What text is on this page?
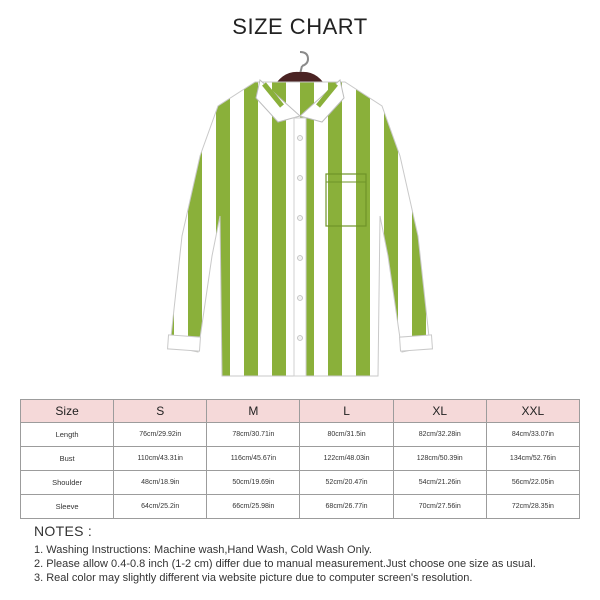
SIZE CHART
Size	S	M	L	XL	XXL
Length	76cm/29.92in	78cm/30.71in	80cm/31.5in	82cm/32.28in	84cm/33.07in
Bust	110cm/43.31in	116cm/45.67in	122cm/48.03in	128cm/50.39in	134cm/52.76in
Shoulder	48cm/18.9in	50cm/19.69in	52cm/20.47in	54cm/21.26in	56cm/22.05in
Sleeve	64cm/25.2in	66cm/25.98in	68cm/26.77in	70cm/27.56in	72cm/28.35in
NOTES :
1. Washing Instructions: Machine wash,Hand Wash, Cold Wash Only.
2. Please allow 0.4-0.8 inch (1-2 cm) differ due to manual measurement.Just choose one size as usual.
3. Real color may slightly different via website picture due to computer screen's resolution.
